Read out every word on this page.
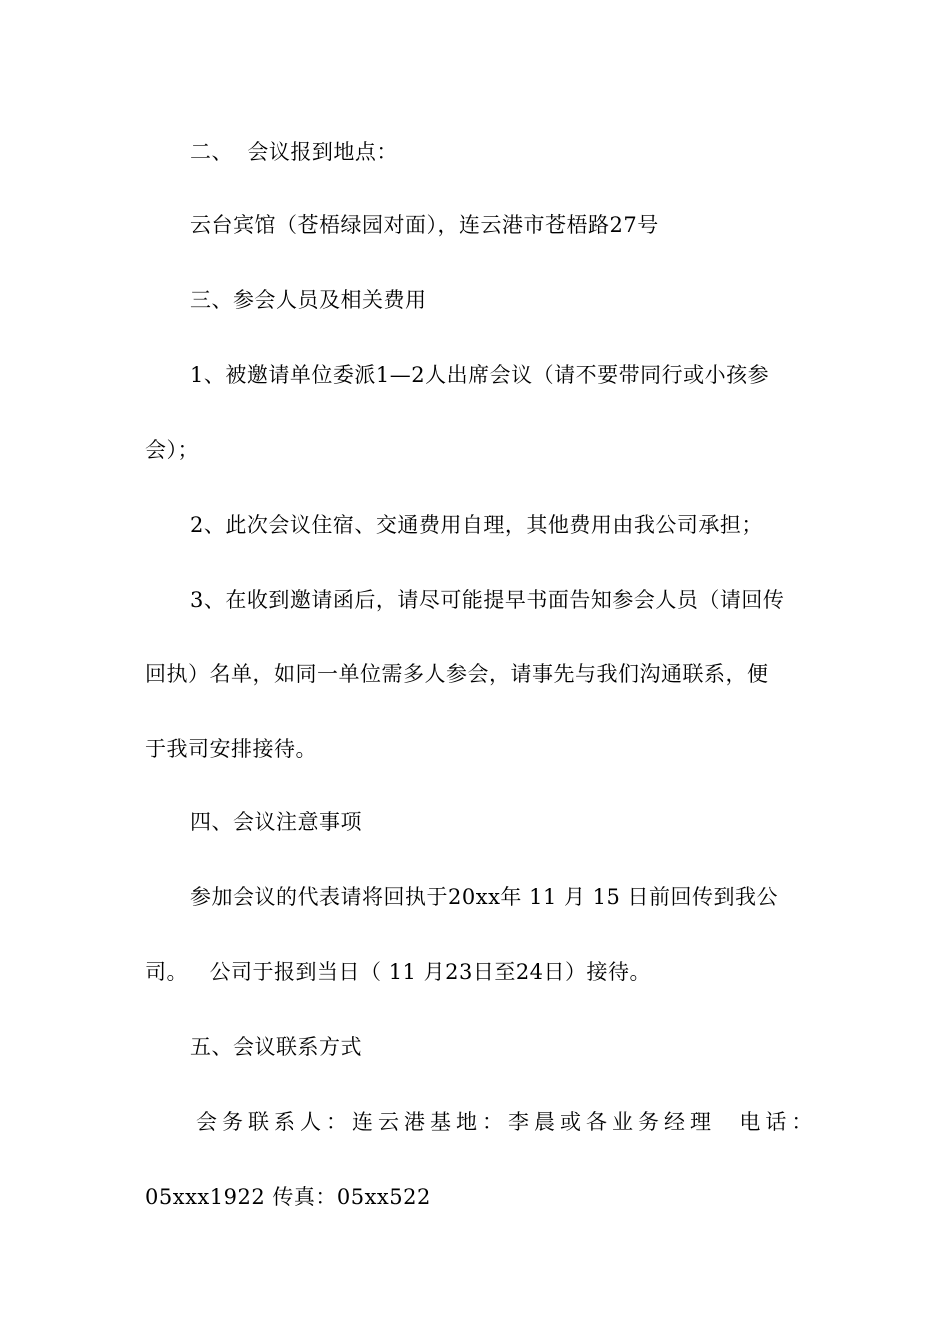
二、  会议报到地点：
云台宾馆（苍梧绿园对面），连云港市苍梧路27号
三、参会人员及相关费用
1、被邀请单位委派1—2人出席会议（请不要带同行或小孩参
会）；
2、此次会议住宿、交通费用自理，其他费用由我公司承担；
3、在收到邀请函后，请尽可能提早书面告知参会人员（请回传
回执）名单，如同一单位需多人参会，请事先与我们沟通联系，便
于我司安排接待。
四、会议注意事项
参加会议的代表请将回执于20xx年 11 月 15 日前回传到我公
司。   公司于报到当日（ 11 月23日至24日）接待。
五、会议联系方式
会务联系人：连云港基地：李晨或各业务经理  电话：
05xxx1922 传真：05xx522
